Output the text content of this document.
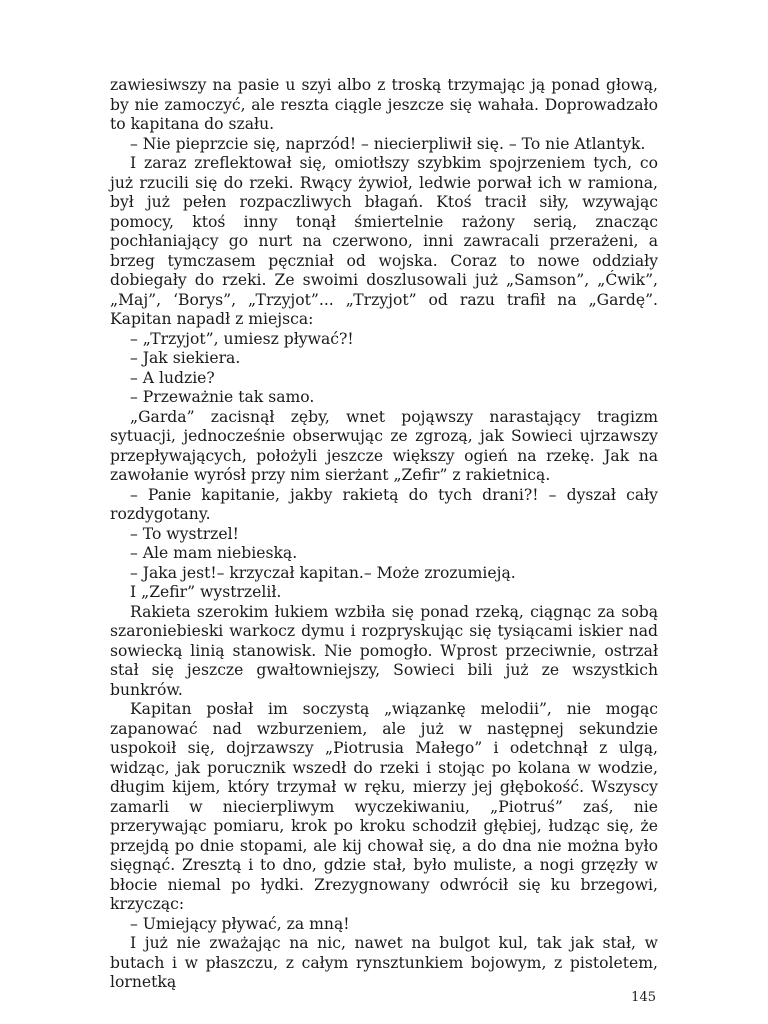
zawiesiwszy na pasie u szyi albo z troską trzymając ją ponad głową, by nie zamoczyć, ale reszta ciągle jeszcze się wahała. Doprowadzało to kapitana do szału.

– Nie pieprzcie się, naprzód! – niecierpliwił się. – To nie Atlantyk.

I zaraz zreflektował się, omiotłszy szybkim spojrzeniem tych, co już rzucili się do rzeki. Rwący żywioł, ledwie porwał ich w ramiona, był już pełen rozpaczliwych błagań. Ktoś tracił siły, wzywając pomocy, ktoś inny tonął śmiertelnie rażony serią, znacząc pochłaniający go nurt na czerwono, inni zawracali przerażeni, a brzeg tymczasem pęczniał od wojska. Coraz to nowe oddziały dobiegały do rzeki. Ze swoimi doszlusowali już „Samson”, „Ćwik”, „Maj”, ‘Borys”, „Trzyjot”... „Trzyjot” od razu trafił na „Gardę”. Kapitan napadł z miejsca:

– „Trzyjot”, umiesz pływać?!

– Jak siekiera.

– A ludzie?

– Przeważnie tak samo.

„Garda” zacisnął zęby, wnet pojąwszy narastający tragizm sytuacji, jednocześnie obserwując ze zgrozą, jak Sowieci ujrzawszy przepływających, położyli jeszcze większy ogień na rzekę. Jak na zawołanie wyrósł przy nim sierżant „Zefir” z rakietnicą.

– Panie kapitanie, jakby rakietą do tych drani?! – dyszał cały rozdygotany.

– To wystrzel!

– Ale mam niebieską.

– Jaka jest!– krzyczał kapitan.– Może zrozumieją.

I „Zefir” wystrzelił.

Rakieta szerokim łukiem wzbiła się ponad rzeką, ciągnąc za sobą szaroniebieski warkocz dymu i rozpryskując się tysiącami iskier nad sowiecką linią stanowisk. Nie pomogło. Wprost przeciwnie, ostrzał stał się jeszcze gwałtowniejszy, Sowieci bili już ze wszystkich bunkrów.

Kapitan posłał im soczystą „wiązankę melodii”, nie mogąc zapanować nad wzburzeniem, ale już w następnej sekundzie uspokoił się, dojrzawszy „Piotrusia Małego” i odetchnął z ulgą, widząc, jak porucznik wszedł do rzeki i stojąc po kolana w wodzie, długim kijem, który trzymał w ręku, mierzy jej głębokość. Wszyscy zamarli w niecierpliwym wyczekiwaniu, „Piotruś” zaś, nie przerywając pomiaru, krok po kroku schodził głębiej, łudząc się, że przejdą po dnie stopami, ale kij chował się, a do dna nie można było sięgnąć. Zresztą i to dno, gdzie stał, było muliste, a nogi grzęzły w błocie niemal po łydki. Zrezygnowany odwrócił się ku brzegowi, krzycząc:

– Umiejący pływać, za mną!

I już nie zważając na nic, nawet na bulgot kul, tak jak stał, w butach i w płaszczu, z całym rynsztunkiem bojowym, z pistoletem, lornetką

145
